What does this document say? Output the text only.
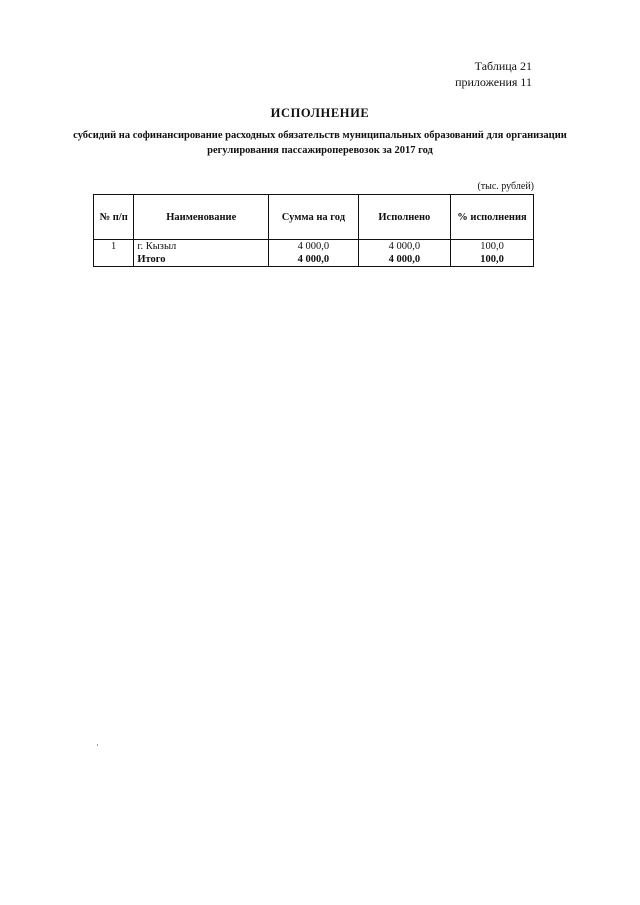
Таблица 21
приложения 11
ИСПОЛНЕНИЕ
субсидий на софинансирование расходных обязательств муниципальных образований для организации регулирования пассажироперевозок за 2017 год
(тыс. рублей)
№ п/п	Наименование	Сумма на год	Исполнено	% исполнения
1	г. Кызыл	4 000,0	4 000,0	100,0
	Итого	4 000,0	4 000,0	100,0
